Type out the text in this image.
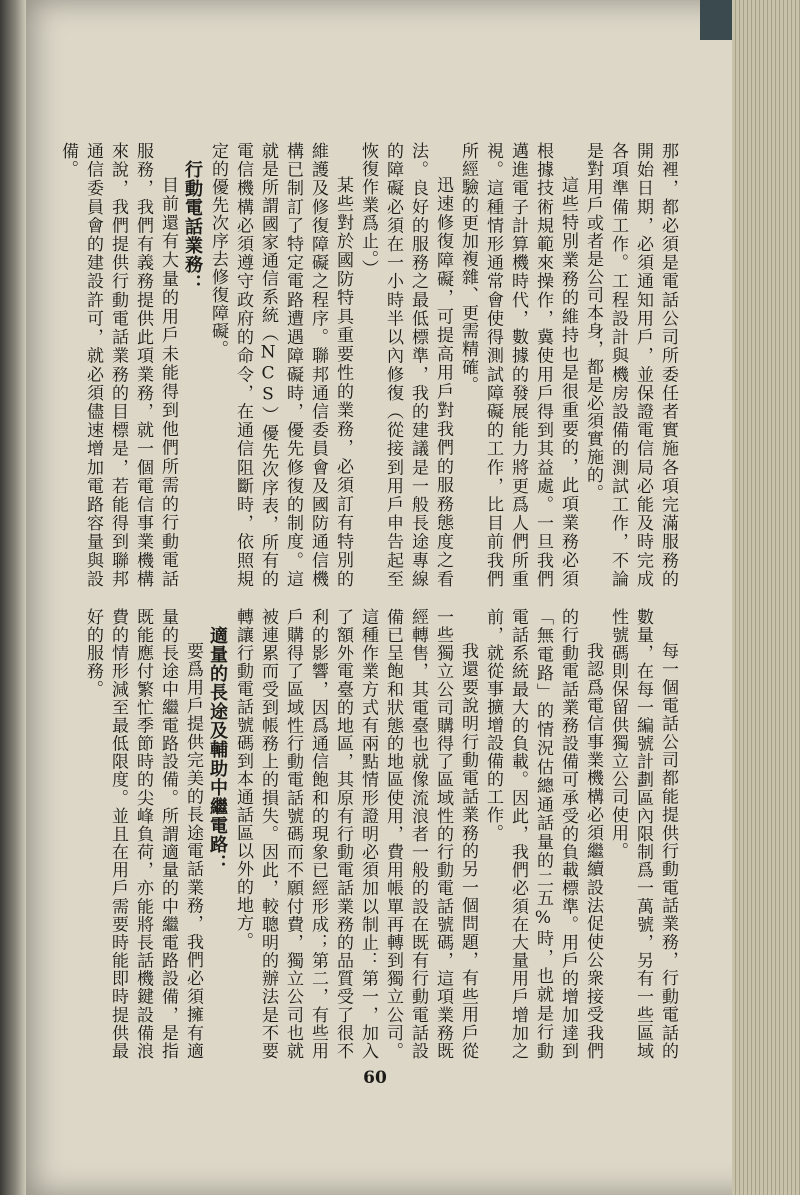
那裡，都必須是電話公司所委任者實施各項完滿服務的開始日期，必須通知用戶，並保證電信局必能及時完成各項準備工作。工程設計與機房設備的測試工作，不論是對用戶或者是公司本身，都是必須實施的。

這些特別業務的維持也是很重要的，此項業務必須根據技術規範來操作，冀使用戶得到其益處。一旦我們邁進電子計算機時代，數據的發展能力將更爲人們所重視。這種情形通常會使得測試障礙的工作，比目前我們所經驗的更加複雜、更需精確。

迅速修復障礙，可提高用戶對我們的服務態度之看法。良好的服務之最低標準，我的建議是一般長途專線的障礙必須在一小時半以內修復（從接到用戶申告起至恢復作業爲止。）

某些對於國防特具重要性的業務，必須訂有特別的維護及修復障礙之程序。聯邦通信委員會及國防通信機構已制訂了特定電路遭遇障礙時，優先修復的制度。這就是所謂國家通信系統（NCS）優先次序表，所有的電信機構必須遵守政府的命令，在通信阻斷時，依照規定的優先次序去修復障礙。

行動電話業務：

目前還有大量的用戶未能得到他們所需的行動電話服務，我們有義務提供此項業務，就一個電信事業機構來說，我們提供行動電話業務的目標是，若能得到聯邦通信委員會的建設許可，就必須儘速增加電路容量與設備。

每一個電話公司都能提供行動電話業務，行動電話的數量，在每一編號計劃區內限制爲一萬號，另有一些區域性號碼則保留供獨立公司使用。

我認爲電信事業機構必須繼續設法促使公衆接受我們的行動電話業務設備可承受的負載標準。用戶的增加達到「無電路」的情況估總通話量的二五%時，也就是行動電話系統最大的負載。因此，我們必須在大量用戶增加之前，就從事擴增設備的工作。

我還要說明行動電話業務的另一個問題，有些用戶從一些獨立公司購得了區域性的行動電話號碼，這項業務既經轉售，其電臺也就像流浪者一般的設在既有行動電話設備已呈飽和狀態的地區使用，費用帳單再轉到獨立公司。這種作業方式有兩點情形證明必須加以制止：第一，加入了額外電臺的地區，其原有行動電話業務的品質受了很不利的影響，因爲通信飽和的現象已經形成；第二，有些用戶購得了區域性行動電話號碼而不願付費，獨立公司也就被連累而受到帳務上的損失。因此，較聰明的辦法是不要轉讓行動電話號碼到本通話區以外的地方。

適量的長途及輔助中繼電路：

要爲用戶提供完美的長途電話業務，我們必須擁有適量的長途中繼電路設備。所謂適量的中繼電路設備，是指既能應付繁忙季節時的尖峰負荷，亦能將長話機鍵設備浪費的情形減至最低限度。並且在用戶需要時能即時提供最好的服務。

60
